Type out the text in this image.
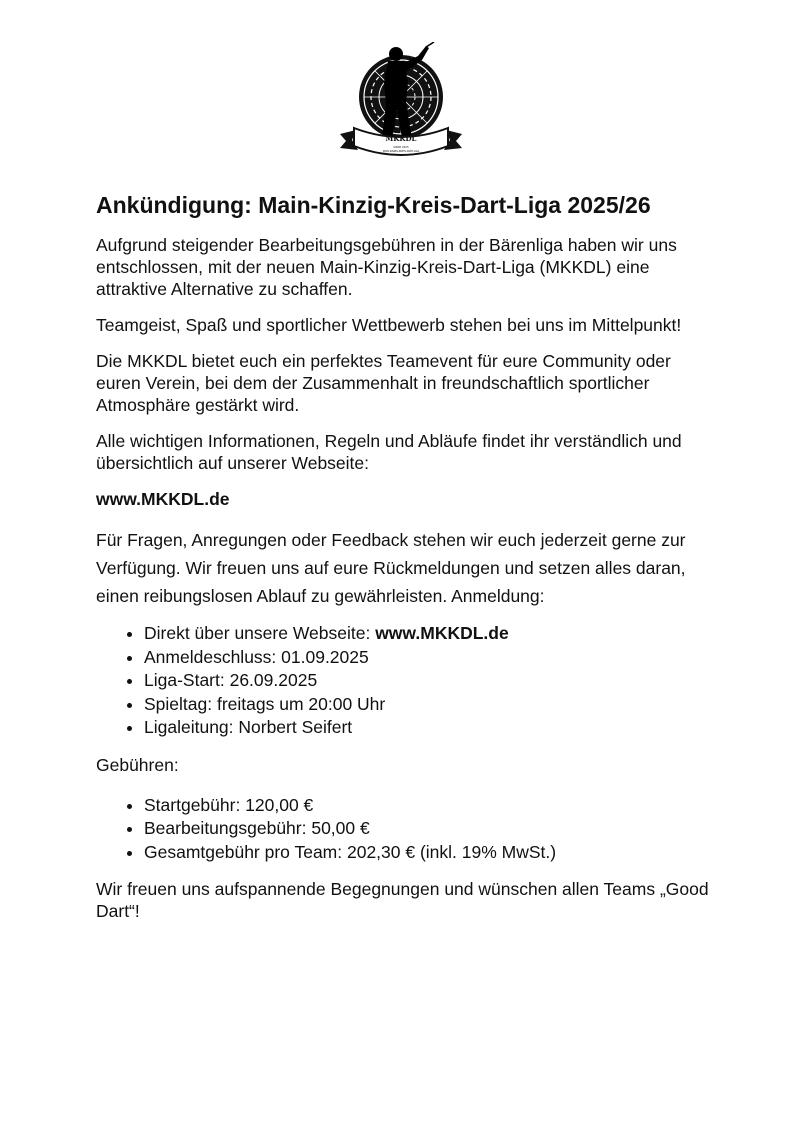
MKKDL
SINCE 2025
MAIN-KINZIG-KREIS-DART-LIGA
Ankündigung: Main-Kinzig-Kreis-Dart-Liga 2025/26

Aufgrund steigender Bearbeitungsgebühren in der Bärenliga haben wir uns entschlossen, mit der neuen Main-Kinzig-Kreis-Dart-Liga (MKKDL) eine attraktive Alternative zu schaffen.

Teamgeist, Spaß und sportlicher Wettbewerb stehen bei uns im Mittelpunkt!

Die MKKDL bietet euch ein perfektes Teamevent für eure Community oder euren Verein, bei dem der Zusammenhalt in freundschaftlich sportlicher Atmosphäre gestärkt wird.

Alle wichtigen Informationen, Regeln und Abläufe findet ihr verständlich und übersichtlich auf unserer Webseite:

www.MKKDL.de

Für Fragen, Anregungen oder Feedback stehen wir euch jederzeit gerne zur Verfügung. Wir freuen uns auf eure Rückmeldungen und setzen alles daran, einen reibungslosen Ablauf zu gewährleisten. Anmeldung:

• Direkt über unsere Webseite: www.MKKDL.de
• Anmeldeschluss: 01.09.2025
• Liga-Start: 26.09.2025
• Spieltag: freitags um 20:00 Uhr
• Ligaleitung: Norbert Seifert

Gebühren:

• Startgebühr: 120,00 €
• Bearbeitungsgebühr: 50,00 €
• Gesamtgebühr pro Team: 202,30 € (inkl. 19% MwSt.)

Wir freuen uns aufspannende Begegnungen und wünschen allen Teams „Good Dart“!
